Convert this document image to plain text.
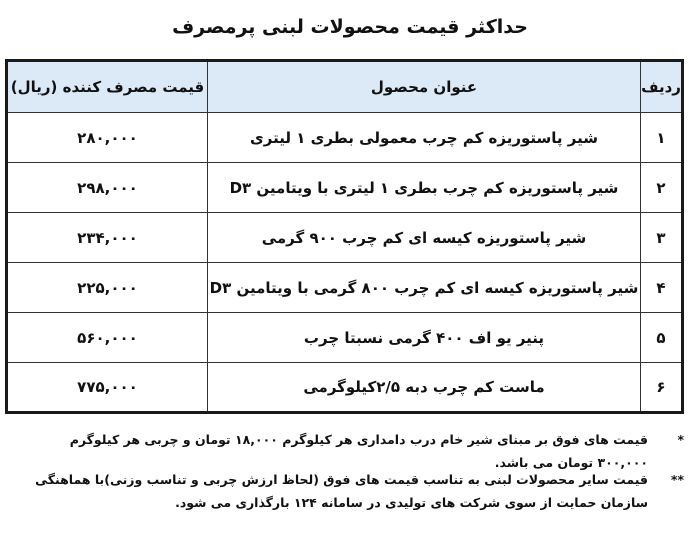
حداکثر قیمت محصولات لبنی پرمصرف
ردیف	عنوان محصول	قیمت مصرف کننده (ریال)
۱	شیر پاستوریزه کم چرب معمولی بطری ۱ لیتری	۲۸۰,۰۰۰
۲	شیر پاستوریزه کم چرب بطری ۱ لیتری با ویتامین D۳	۲۹۸,۰۰۰
۳	شیر پاستوریزه کیسه ای کم چرب ۹۰۰ گرمی	۲۳۴,۰۰۰
۴	شیر پاستوریزه کیسه ای کم چرب ۸۰۰ گرمی با ویتامین D۳	۲۲۵,۰۰۰
۵	پنیر یو اف ۴۰۰ گرمی نسبتا چرب	۵۶۰,۰۰۰
۶	ماست کم چرب دبه ۲/۵کیلوگرمی	۷۷۵,۰۰۰
*
قیمت های فوق بر مبنای شیر خام درب دامداری هر کیلوگرم ۱۸,۰۰۰ تومان و چربی هر کیلوگرم ۳۰۰,۰۰۰ تومان می باشد.
**
قیمت سایر محصولات لبنی به تناسب قیمت های فوق (لحاظ ارزش چربی و تناسب وزنی)با هماهنگی سازمان حمایت از سوی شرکت های تولیدی در سامانه ۱۲۴ بارگذاری می شود.
